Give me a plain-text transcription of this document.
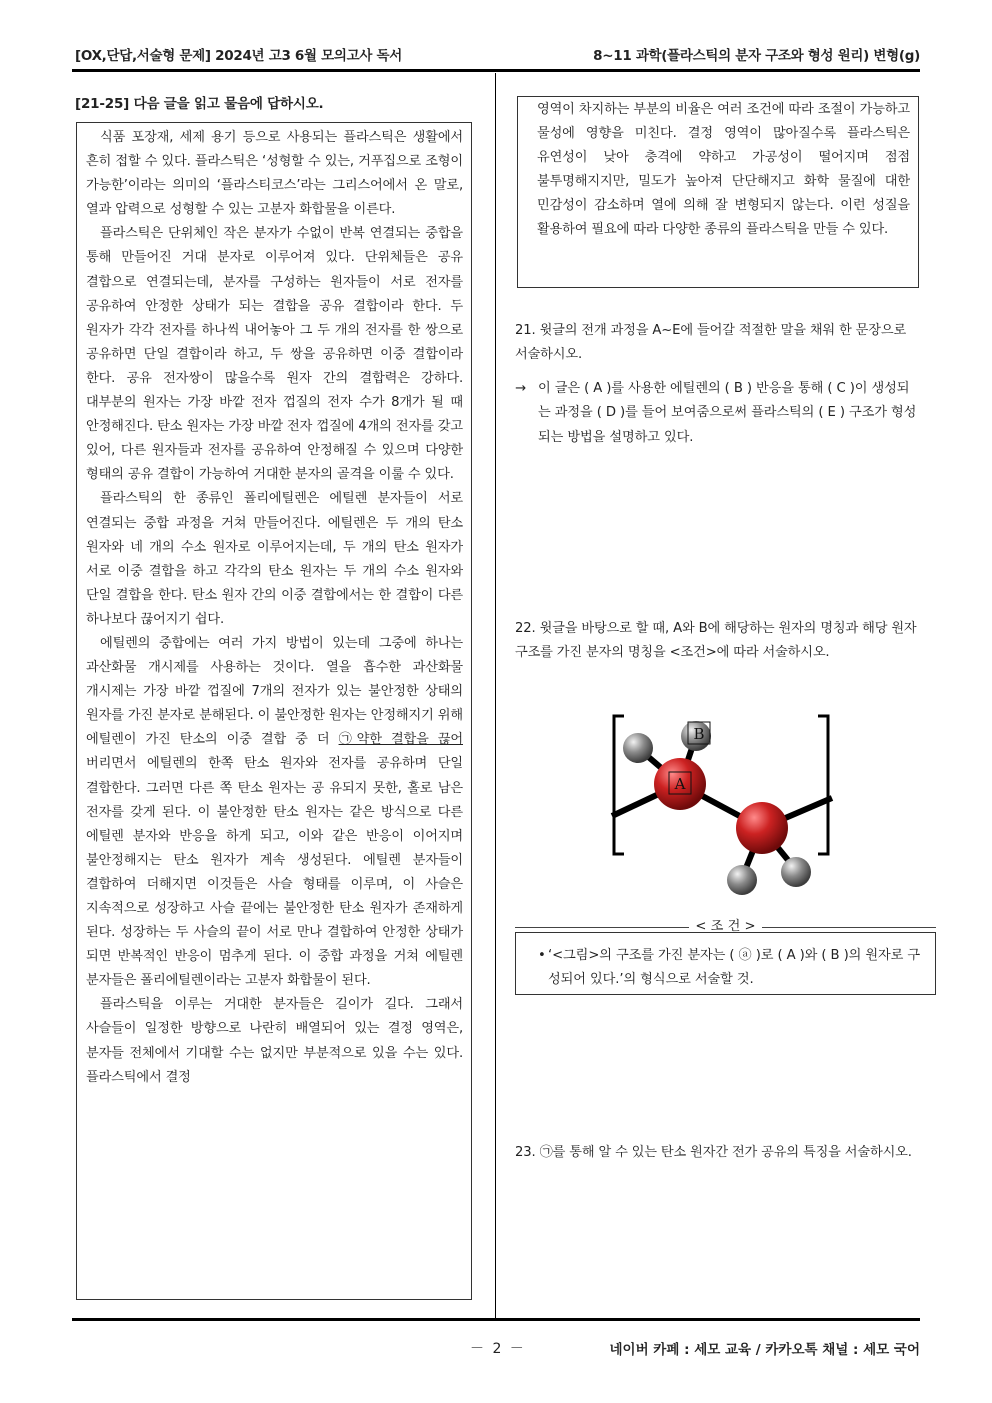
[OX,단답,서술형 문제] 2024년 고3 6월 모의고사 독서	8~11 과학(플라스틱의 분자 구조와 형성 원리) 변형(g)
[21-25] 다음 글을 읽고 물음에 답하시오.

식품 포장재, 세제 용기 등으로 사용되는 플라스틱은 생활에서 흔히 접할 수 있다. 플라스틱은 ‘성형할 수 있는, 거푸집으로 조형이 가능한’이라는 의미의 ‘플라스티코스’라는 그리스어에서 온 말로, 열과 압력으로 성형할 수 있는 고분자 화합물을 이른다.

플라스틱은 단위체인 작은 분자가 수없이 반복 연결되는 중합을 통해 만들어진 거대 분자로 이루어져 있다. 단위체들은 공유 결합으로 연결되는데, 분자를 구성하는 원자들이 서로 전자를 공유하여 안정한 상태가 되는 결합을 공유 결합이라 한다. 두 원자가 각각 전자를 하나씩 내어놓아 그 두 개의 전자를 한 쌍으로 공유하면 단일 결합이라 하고, 두 쌍을 공유하면 이중 결합이라 한다. 공유 전자쌍이 많을수록 원자 간의 결합력은 강하다. 대부분의 원자는 가장 바깥 전자 껍질의 전자 수가 8개가 될 때 안정해진다. 탄소 원자는 가장 바깥 전자 껍질에 4개의 전자를 갖고 있어, 다른 원자들과 전자를 공유하여 안정해질 수 있으며 다양한 형태의 공유 결합이 가능하여 거대한 분자의 골격을 이룰 수 있다.

플라스틱의 한 종류인 폴리에틸렌은 에틸렌 분자들이 서로 연결되는 중합 과정을 거쳐 만들어진다. 에틸렌은 두 개의 탄소 원자와 네 개의 수소 원자로 이루어지는데, 두 개의 탄소 원자가 서로 이중 결합을 하고 각각의 탄소 원자는 두 개의 수소 원자와 단일 결합을 한다. 탄소 원자 간의 이중 결합에서는 한 결합이 다른 하나보다 끊어지기 쉽다.

에틸렌의 중합에는 여러 가지 방법이 있는데 그중에 하나는 과산화물 개시제를 사용하는 것이다. 열을 흡수한 과산화물 개시제는 가장 바깥 껍질에 7개의 전자가 있는 불안정한 상태의 원자를 가진 분자로 분해된다. 이 불안정한 원자는 안정해지기 위해 에틸렌이 가진 탄소의 이중 결합 중 더 ㉠약한 결합을 끊어 버리면서 에틸렌의 한쪽 탄소 원자와 전자를 공유하며 단일 결합한다. 그러면 다른 쪽 탄소 원자는 공 유되지 못한, 홀로 남은 전자를 갖게 된다. 이 불안정한 탄소 원자는 같은 방식으로 다른 에틸렌 분자와 반응을 하게 되고, 이와 같은 반응이 이어지며 불안정해지는 탄소 원자가 계속 생성된다. 에틸렌 분자들이 결합하여 더해지면 이것들은 사슬 형태를 이루며, 이 사슬은 지속적으로 성장하고 사슬 끝에는 불안정한 탄소 원자가 존재하게 된다. 성장하는 두 사슬의 끝이 서로 만나 결합하여 안정한 상태가 되면 반복적인 반응이 멈추게 된다. 이 중합 과정을 거쳐 에틸렌 분자들은 폴리에틸렌이라는 고분자 화합물이 된다.

플라스틱을 이루는 거대한 분자들은 길이가 길다. 그래서 사슬들이 일정한 방향으로 나란히 배열되어 있는 결정 영역은, 분자들 전체에서 기대할 수는 없지만 부분적으로 있을 수는 있다. 플라스틱에서 결정

영역이 차지하는 부분의 비율은 여러 조건에 따라 조절이 가능하고 물성에 영향을 미친다. 결정 영역이 많아질수록 플라스틱은 유연성이 낮아 충격에 약하고 가공성이 떨어지며 점점 불투명해지지만, 밀도가 높아져 단단해지고 화학 물질에 대한 민감성이 감소하며 열에 의해 잘 변형되지 않는다. 이런 성질을 활용하여 필요에 따라 다양한 종류의 플라스틱을 만들 수 있다.

21. 윗글의 전개 과정을 A~E에 들어갈 적절한 말을 채워 한 문장으로 서술하시오.
→ 이 글은 ( A )를 사용한 에틸렌의 ( B ) 반응을 통해 ( C )이 생성되는 과정을 ( D )를 들어 보여줌으로써 플라스틱의 ( E ) 구조가 형성되는 방법을 설명하고 있다.
22. 윗글을 바탕으로 할 때, A와 B에 해당하는 원자의 명칭과 해당 원자 구조를 가진 분자의 명칭을 <조건>에 따라 서술하시오.
A
B
< 조 건 >
• ‘<그림>의 구조를 가진 분자는 ( ⓐ )로 ( A )와 ( B )의 원자로 구성되어 있다.’의 형식으로 서술할 것.
23. ㉠를 통해 알 수 있는 탄소 원자간 전가 공유의 특징을 서술하시오.
－ 2 －	네이버 카페 : 세모 교육 / 카카오톡 채널 : 세모 국어
